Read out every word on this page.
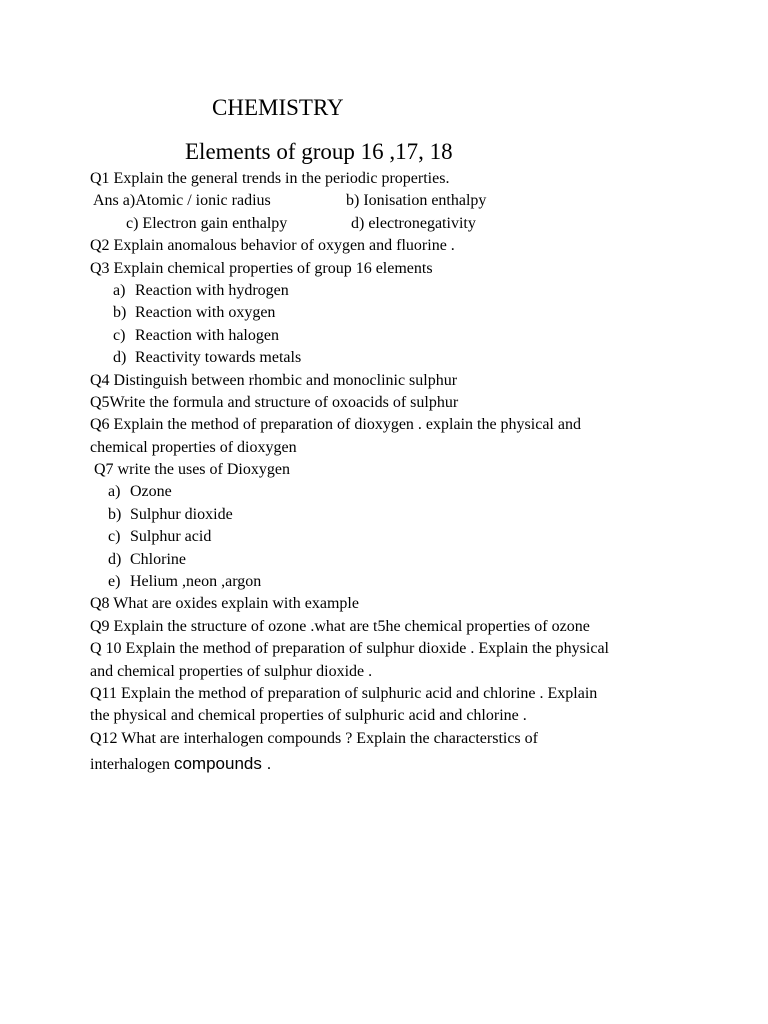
CHEMISTRY
Elements of group 16 ,17, 18
Q1 Explain the general trends in the periodic properties.
Ans a)Atomic / ionic radius	b) Ionisation enthalpy
c) Electron gain enthalpy	d) electronegativity
Q2 Explain anomalous behavior of oxygen and fluorine .
Q3 Explain chemical properties of group 16 elements
a) Reaction with hydrogen
b) Reaction with oxygen
c) Reaction with halogen
d) Reactivity towards metals
Q4 Distinguish between rhombic and monoclinic sulphur
Q5Write the formula and structure of oxoacids of sulphur
Q6 Explain the method of preparation of dioxygen . explain the physical and
chemical properties of dioxygen
Q7 write the uses of Dioxygen
a) Ozone
b) Sulphur dioxide
c) Sulphur acid
d) Chlorine
e) Helium ,neon ,argon
Q8 What are oxides explain with example
Q9 Explain the structure of ozone .what are t5he chemical properties of ozone
Q 10 Explain the method of preparation of sulphur dioxide . Explain the physical
and chemical properties of sulphur dioxide .
Q11 Explain the method of preparation of sulphuric acid and chlorine . Explain
the physical and chemical properties of sulphuric acid and chlorine .
Q12 What are interhalogen compounds ? Explain the characterstics of
interhalogen compounds .
